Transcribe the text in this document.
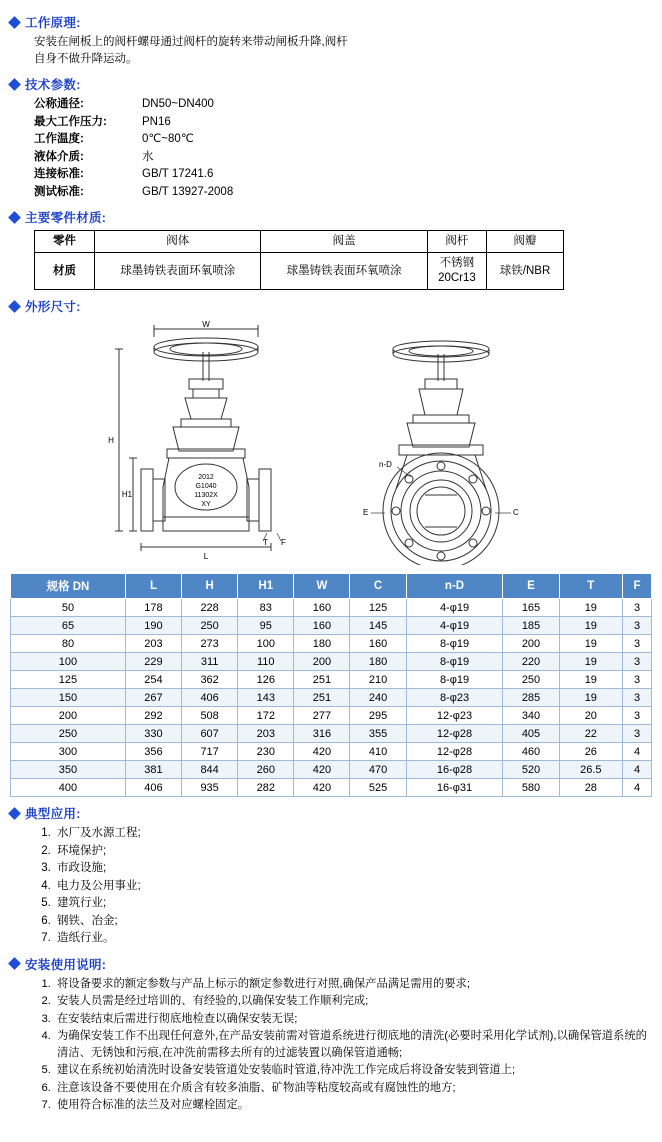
工作原理:
安装在闸板上的阀杆螺母通过阀杆的旋转来带动闸板升降,阀杆
自身不做升降运动。
技术参数:
公称通径:	DN50~DN400
最大工作压力:	PN16
工作温度:	0℃~80℃
液体介质:	水
连接标准:	GB/T 17241.6
测试标准:	GB/T 13927-2008
主要零件材质:
零件	阀体	阀盖	阀杆	阀瓣
材质	球墨铸铁表面环氧喷涂	球墨铸铁表面环氧喷涂	不锈钢
20Cr13	球铁/NBR
外形尺寸:
2012
G1040
11302X
XY
W
H
H1
L
T F
n-D
E	C
规格 DN	L	H	H1	W	C	n-D	E	T	F
50	178	228	83	160	125	4-φ19	165	19	3
65	190	250	95	160	145	4-φ19	185	19	3
80	203	273	100	180	160	8-φ19	200	19	3
100	229	311	110	200	180	8-φ19	220	19	3
125	254	362	126	251	210	8-φ19	250	19	3
150	267	406	143	251	240	8-φ23	285	19	3
200	292	508	172	277	295	12-φ23	340	20	3
250	330	607	203	316	355	12-φ28	405	22	3
300	356	717	230	420	410	12-φ28	460	26	4
350	381	844	260	420	470	16-φ28	520	26.5	4
400	406	935	282	420	525	16-φ31	580	28	4
典型应用:
1. 水厂及水源工程;
2. 环境保护;
3. 市政设施;
4. 电力及公用事业;
5. 建筑行业;
6. 钢铁、冶金;
7. 造纸行业。
安装使用说明:
1. 将设备要求的额定参数与产品上标示的额定参数进行对照,确保产品满足需用的要求;
2. 安装人员需是经过培训的、有经验的,以确保安装工作顺利完成;
3. 在安装结束后需进行彻底地检查以确保安装无误;
4. 为确保安装工作不出现任何意外,在产品安装前需对管道系统进行彻底地的清洗(必要时采用化学试剂),以确保管道系统的清洁、无锈蚀和污痕,在冲洗前需移去所有的过滤装置以确保管道通畅;
5. 建议在系统初始清洗时设备安装管道处安装临时管道,待冲洗工作完成后将设备安装到管道上;
6. 注意该设备不要使用在介质含有较多油脂、矿物油等粘度较高或有腐蚀性的地方;
7. 使用符合标准的法兰及对应螺栓固定。
